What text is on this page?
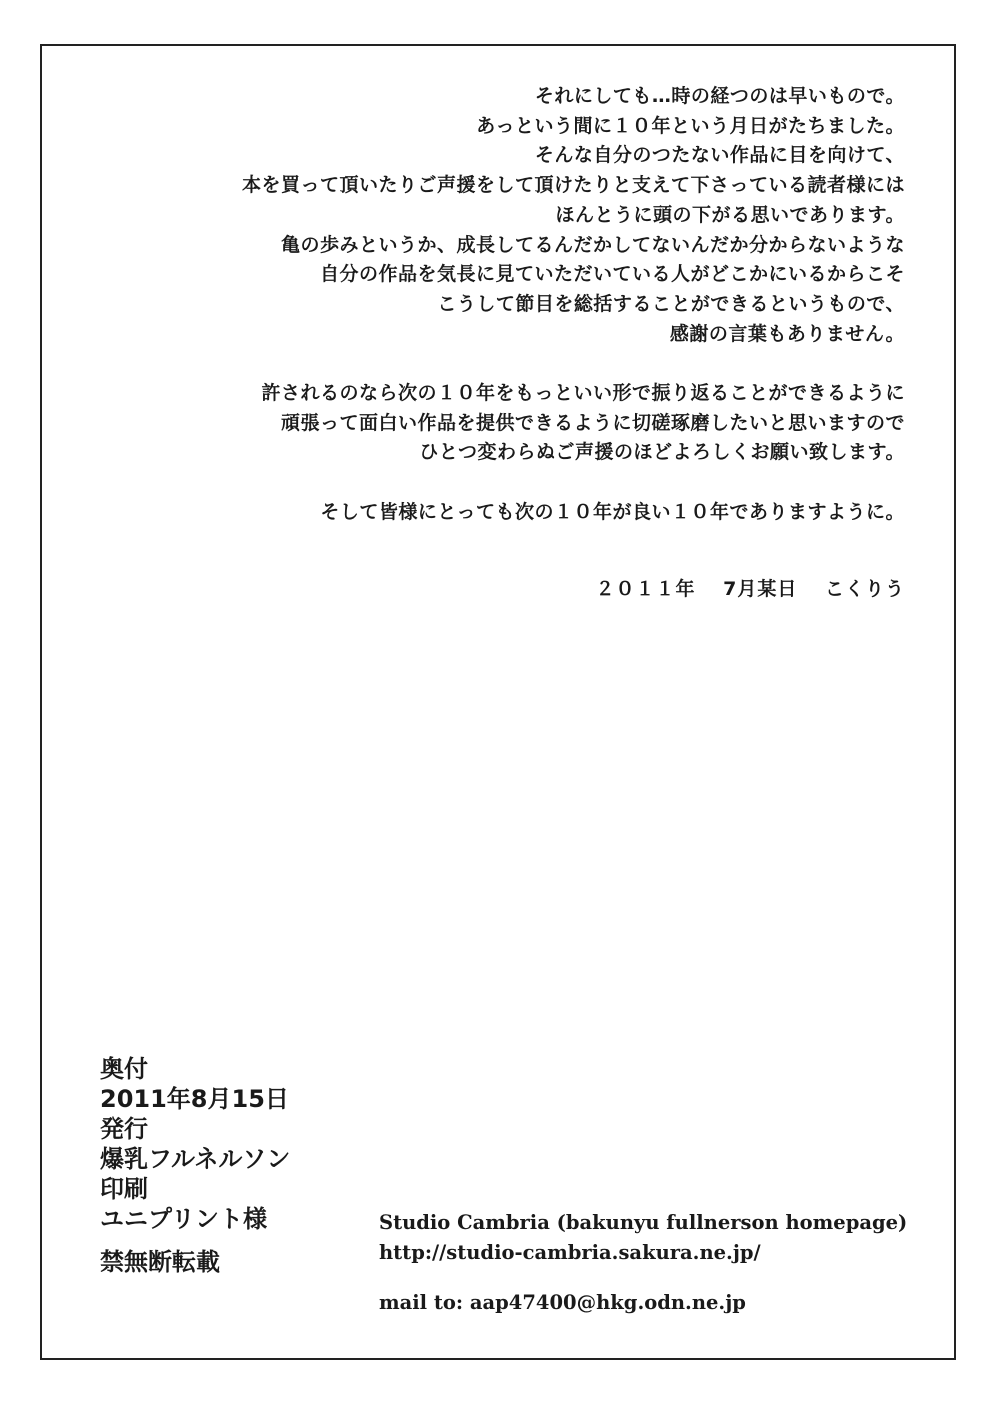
それにしても…時の経つのは早いもので。
あっという間に１０年という月日がたちました。
そんな自分のつたない作品に目を向けて、
本を買って頂いたりご声援をして頂けたりと支えて下さっている読者様には
ほんとうに頭の下がる思いであります。
亀の歩みというか、成長してるんだかしてないんだか分からないような
自分の作品を気長に見ていただいている人がどこかにいるからこそ
こうして節目を総括することができるというもので、
感謝の言葉もありません。
許されるのなら次の１０年をもっといい形で振り返ることができるように
頑張って面白い作品を提供できるように切磋琢磨したいと思いますので
ひとつ変わらぬご声援のほどよろしくお願い致します。
そして皆様にとっても次の１０年が良い１０年でありますように。
２０１１年 7月某日 こくりう
奥付
2011年8月15日
発行
爆乳フルネルソン
印刷
ユニプリント様
禁無断転載
Studio Cambria (bakunyu fullnerson homepage)
http://studio-cambria.sakura.ne.jp/
mail to: aap47400@hkg.odn.ne.jp
